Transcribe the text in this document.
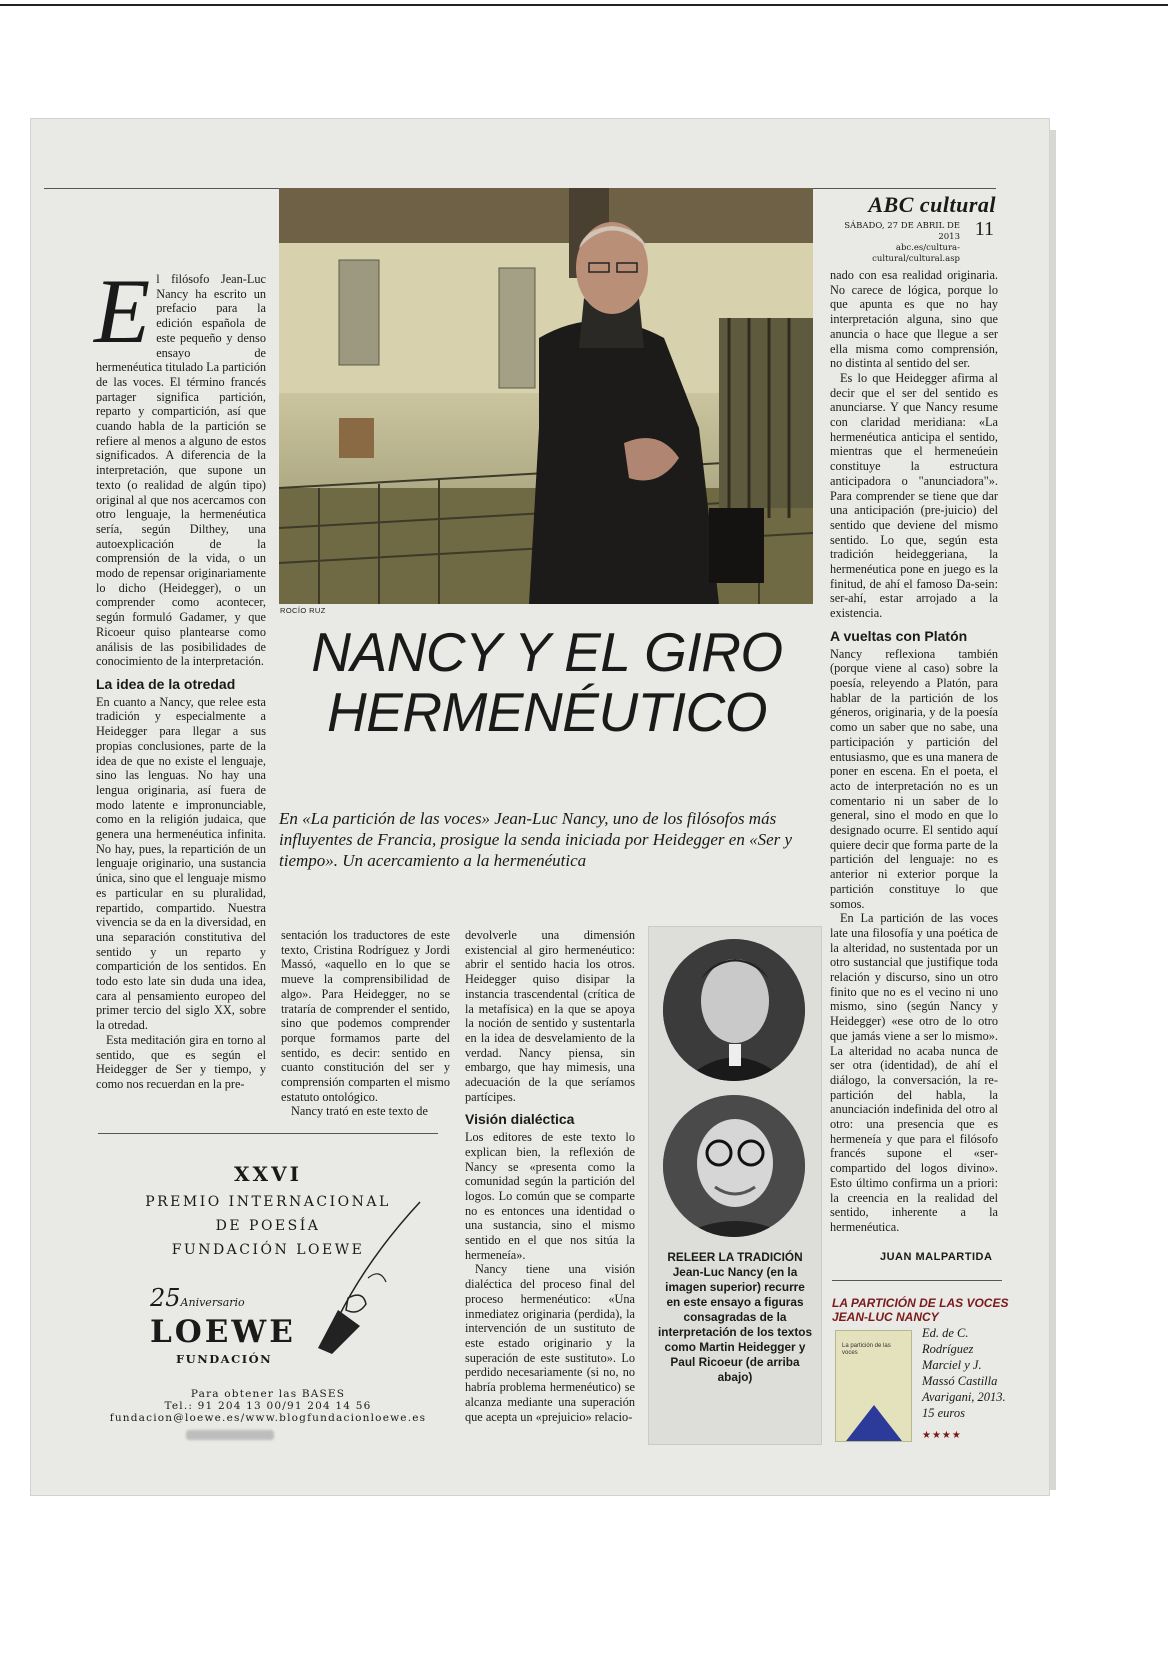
ABC cultural
SÁBADO, 27 DE ABRIL DE 2013
abc.es/cultura-cultural/cultural.asp
11
ROCÍO RUZ
E l filósofo Jean-Luc Nancy ha escrito un prefacio para la edición española de este pequeño y denso ensayo de hermenéutica titulado La partición de las voces. El término francés partager significa partición, reparto y compartición, así que cuando habla de la partición se refiere al menos a alguno de estos significados. A diferencia de la interpretación, que supone un texto (o realidad de algún tipo) original al que nos acercamos con otro lenguaje, la hermenéutica sería, según Dilthey, una autoexplicación de la comprensión de la vida, o un modo de repensar originariamente lo dicho (Heidegger), o un comprender como acontecer, según formuló Gadamer, y que Ricoeur quiso plantearse como análisis de las posibilidades de conocimiento de la interpretación.

La idea de la otredad

En cuanto a Nancy, que relee esta tradición y especialmente a Heidegger para llegar a sus propias conclusiones, parte de la idea de que no existe el lenguaje, sino las lenguas. No hay una lengua originaria, así fuera de modo latente e impronunciable, como en la religión judaica, que genera una hermenéutica infinita. No hay, pues, la repartición de un lenguaje originario, una sustancia única, sino que el lenguaje mismo es particular en su pluralidad, repartido, compartido. Nuestra vivencia se da en la diversidad, en una separación constitutiva del sentido y un reparto y compartición de los sentidos. En todo esto late sin duda una idea, cara al pensamiento europeo del primer tercio del siglo XX, sobre la otredad.

Esta meditación gira en torno al sentido, que es según el Heidegger de Ser y tiempo, y como nos recuerdan en la pre-

NANCY Y EL GIRO
HERMENÉUTICO
En «La partición de las voces» Jean-Luc Nancy, uno de los filósofos más influyentes de Francia, prosigue la senda iniciada por Heidegger en «Ser y tiempo». Un acercamiento a la hermenéutica

sentación los traductores de este texto, Cristina Rodríguez y Jordi Massó, «aquello en lo que se mueve la comprensibilidad de algo». Para Heidegger, no se trataría de comprender el sentido, sino que podemos comprender porque formamos parte del sentido, es decir: sentido en cuanto constitución del ser y comprensión comparten el mismo estatuto ontológico.

Nancy trató en este texto de

devolverle una dimensión existencial al giro hermenéutico: abrir el sentido hacia los otros. Heidegger quiso disipar la instancia trascendental (crítica de la metafísica) en la que se apoya la noción de sentido y sustentarla en la idea de desvelamiento de la verdad. Nancy piensa, sin embargo, que hay mimesis, una adecuación de la que seríamos partícipes.

Visión dialéctica

Los editores de este texto lo explican bien, la reflexión de Nancy se «presenta como la comunidad según la partición del logos. Lo común que se comparte no es entonces una identidad o una sustancia, sino el mismo sentido en el que nos sitúa la hermeneía».

Nancy tiene una visión dialéctica del proceso final del proceso hermenéutico: «Una inmediatez originaria (perdida), la intervención de un sustituto de este estado originario y la superación de este sustituto». Lo perdido necesariamente (si no, no habría problema hermenéutico) se alcanza mediante una superación que acepta un «prejuicio» relacio-

RELEER LA TRADICIÓN
Jean-Luc Nancy (en la imagen superior) recurre en este ensayo a figuras consagradas de la interpretación de los textos como Martin Heidegger y Paul Ricoeur (de arriba abajo)

nado con esa realidad originaria. No carece de lógica, porque lo que apunta es que no hay interpretación alguna, sino que anuncia o hace que llegue a ser ella misma como comprensión, no distinta al sentido del ser.

Es lo que Heidegger afirma al decir que el ser del sentido es anunciarse. Y que Nancy resume con claridad meridiana: «La hermenéutica anticipa el sentido, mientras que el hermeneúein constituye la estructura anticipadora o "anunciadora"». Para comprender se tiene que dar una anticipación (pre-juicio) del sentido que deviene del mismo sentido. Lo que, según esta tradición heideggeriana, la hermenéutica pone en juego es la finitud, de ahí el famoso Da-sein: ser-ahí, estar arrojado a la existencia.

A vueltas con Platón

Nancy reflexiona también (porque viene al caso) sobre la poesía, releyendo a Platón, para hablar de la partición de los géneros, originaria, y de la poesía como un saber que no sabe, una participación y partición del entusiasmo, que es una manera de poner en escena. En el poeta, el acto de interpretación no es un comentario ni un saber de lo general, sino el modo en que lo designado ocurre. El sentido aquí quiere decir que forma parte de la partición del lenguaje: no es anterior ni exterior porque la partición constituye lo que somos.

En La partición de las voces late una filosofía y una poética de la alteridad, no sustentada por un otro sustancial que justifique toda relación y discurso, sino un otro finito que no es el vecino ni uno mismo, sino (según Nancy y Heidegger) «ese otro de lo otro que jamás viene a ser lo mismo». La alteridad no acaba nunca de ser otra (identidad), de ahí el diálogo, la conversación, la re-partición del habla, la anunciación indefinida del otro al otro: una presencia que es hermeneía y que para el filósofo francés supone el «ser-compartido del logos divino». Esto último confirma un a priori: la creencia en la realidad del sentido, inherente a la hermenéutica.

JUAN MALPARTIDA
LA PARTICIÓN DE LAS VOCES JEAN-LUC NANCY
La partición de las voces
Ed. de C. Rodríguez Marciel y J. Massó Castilla Avarigani, 2013. 15 euros
★★★★
XXVI
PREMIO INTERNACIONAL
DE POESÍA
FUNDACIÓN LOEWE
25Aniversario
LOEWE
FUNDACIÓN
Para obtener las BASES
Tel.: 91 204 13 00/91 204 14 56
fundacion@loewe.es/www.blogfundacionloewe.es
